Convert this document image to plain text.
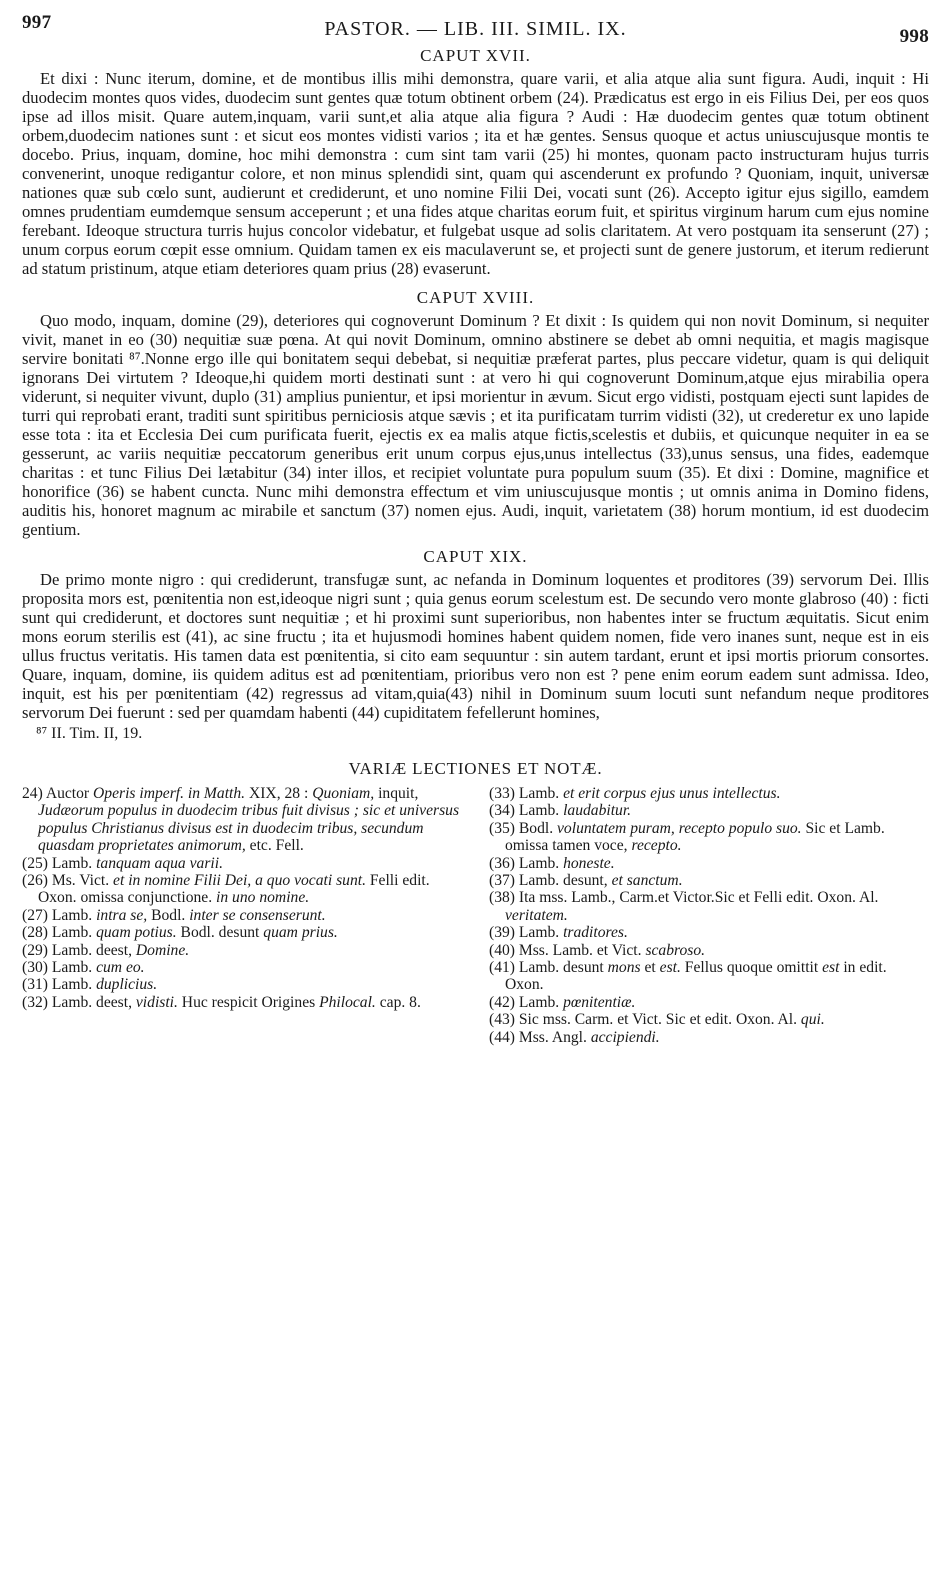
997	PASTOR. — LIB. III. SIMIL. IX.	998
CAPUT XVII.

Et dixi : Nunc iterum, domine, et de montibus illis mihi demonstra, quare varii, et alia atque alia sunt figura. Audi, inquit : Hi duodecim montes quos vides, duodecim sunt gentes quæ totum obtinent orbem (24). Prædicatus est ergo in eis Filius Dei, per eos quos ipse ad illos misit. Quare autem,inquam, varii sunt,et alia atque alia figura ? Audi : Hæ duodecim gentes quæ totum obtinent orbem,duodecim nationes sunt : et sicut eos montes vidisti varios ; ita et hæ gentes. Sensus quoque et actus uniuscujusque montis te docebo. Prius, inquam, domine, hoc mihi demonstra : cum sint tam varii (25) hi montes, quonam pacto instructuram hujus turris convenerint, unoque redigantur colore, et non minus splendidi sint, quam qui ascenderunt ex profundo ? Quoniam, inquit, universæ nationes quæ sub cœlo sunt, audierunt et crediderunt, et uno nomine Filii Dei, vocati sunt (26). Accepto igitur ejus sigillo, eamdem omnes prudentiam eumdemque sensum acceperunt ; et una fides atque charitas eorum fuit, et spiritus virginum harum cum ejus nomine ferebant. Ideoque structura turris hujus concolor videbatur, et fulgebat usque ad solis claritatem. At vero postquam ita senserunt (27) ; unum corpus eorum cœpit esse omnium. Quidam tamen ex eis maculaverunt se, et projecti sunt de genere justorum, et iterum redierunt ad statum pristinum, atque etiam deteriores quam prius (28) evaserunt.

CAPUT XVIII.

Quo modo, inquam, domine (29), deteriores qui cognoverunt Dominum ? Et dixit : Is quidem qui non novit Dominum, si nequiter vivit, manet in eo (30) nequitiæ suæ pœna. At qui novit Dominum, omnino abstinere se debet ab omni nequitia, et magis magisque servire bonitati ⁸⁷.Nonne ergo ille qui bonitatem sequi debebat, si nequitiæ præferat partes, plus peccare videtur, quam is qui deliquit ignorans Dei virtutem ? Ideoque,hi quidem morti destinati sunt : at vero hi qui cognoverunt Dominum,atque ejus mirabilia opera viderunt, si nequiter vivunt, duplo (31) amplius punientur, et ipsi morientur in ævum. Sicut ergo vidisti, postquam ejecti sunt lapides de turri qui reprobati erant, traditi sunt spiritibus perniciosis atque sævis ; et ita purificatam turrim vidisti (32), ut crederetur ex uno lapide esse tota : ita et Ecclesia Dei cum purificata fuerit, ejectis ex ea malis atque fictis,scelestis et dubiis, et quicunque nequiter in ea se gesserunt, ac variis nequitiæ peccatorum generibus erit unum corpus ejus,unus intellectus (33),unus sensus, una fides, eademque charitas : et tunc Filius Dei lætabitur (34) inter illos, et recipiet voluntate pura populum suum (35). Et dixi : Domine, magnifice et honorifice (36) se habent cuncta. Nunc mihi demonstra effectum et vim uniuscujusque montis ; ut omnis anima in Domino fidens, auditis his, honoret magnum ac mirabile et sanctum (37) nomen ejus. Audi, inquit, varietatem (38) horum montium, id est duodecim gentium.

CAPUT XIX.

De primo monte nigro : qui crediderunt, transfugæ sunt, ac nefanda in Dominum loquentes et proditores (39) servorum Dei. Illis proposita mors est, pœnitentia non est,ideoque nigri sunt ; quia genus eorum scelestum est. De secundo vero monte glabroso (40) : ficti sunt qui crediderunt, et doctores sunt nequitiæ ; et hi proximi sunt superioribus, non habentes inter se fructum æquitatis. Sicut enim mons eorum sterilis est (41), ac sine fructu ; ita et hujusmodi homines habent quidem nomen, fide vero inanes sunt, neque est in eis ullus fructus veritatis. His tamen data est pœnitentia, si cito eam sequuntur : sin autem tardant, erunt et ipsi mortis priorum consortes. Quare, inquam, domine, iis quidem aditus est ad pœnitentiam, prioribus vero non est ? pene enim eorum eadem sunt admissa. Ideo, inquit, est his per pœnitentiam (42) regressus ad vitam,quia(43) nihil in Dominum suum locuti sunt nefandum neque proditores servorum Dei fuerunt : sed per quamdam habenti (44) cupiditatem fefellerunt homines,

⁸⁷ II. Tim. II, 19.
VARIÆ LECTIONES ET NOTÆ.

24) Auctor Operis imperf. in Matth. XIX, 28 : Quoniam, inquit, Judæorum populus in duodecim tribus fuit divisus ; sic et universus populus Christianus divisus est in duodecim tribus, secundum quasdam proprietates animorum, etc. Fell.

(25) Lamb. tanquam aqua varii.

(26) Ms. Vict. et in nomine Filii Dei, a quo vocati sunt. Felli edit. Oxon. omissa conjunctione. in uno nomine.

(27) Lamb. intra se, Bodl. inter se consenserunt.

(28) Lamb. quam potius. Bodl. desunt quam prius.

(29) Lamb. deest, Domine.

(30) Lamb. cum eo.

(31) Lamb. duplicius.

(32) Lamb. deest, vidisti. Huc respicit Origines Philocal. cap. 8.

(33) Lamb. et erit corpus ejus unus intellectus.

(34) Lamb. laudabitur.

(35) Bodl. voluntatem puram, recepto populo suo. Sic et Lamb. omissa tamen voce, recepto.

(36) Lamb. honeste.

(37) Lamb. desunt, et sanctum.

(38) Ita mss. Lamb., Carm.et Victor.Sic et Felli edit. Oxon. Al. veritatem.

(39) Lamb. traditores.

(40) Mss. Lamb. et Vict. scabroso.

(41) Lamb. desunt mons et est. Fellus quoque omittit est in edit. Oxon.

(42) Lamb. pœnitentiæ.

(43) Sic mss. Carm. et Vict. Sic et edit. Oxon. Al. qui.

(44) Mss. Angl. accipiendi.
